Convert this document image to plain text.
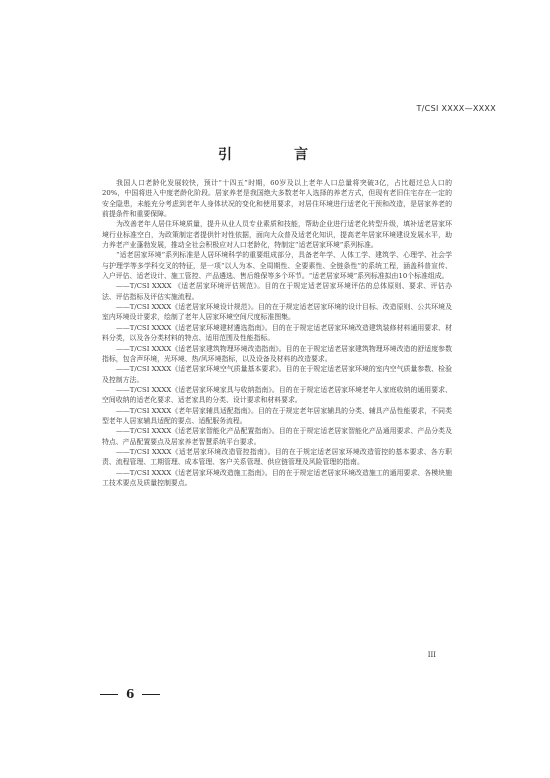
T/CSI XXXX—XXXX
引　言

我国人口老龄化发展较快，预计“十四五”时期，60岁及以上老年人口总量将突破3亿，占比超过总人口的20%，中国将进入中度老龄化阶段。居家养老是我国绝大多数老年人选择的养老方式，但现有老旧住宅存在一定的安全隐患，未能充分考虑到老年人身体状况的变化和使用要求，对居住环境进行适老化干预和改造，是居家养老的前提条件和重要保障。

为改善老年人居住环境质量，提升从业人员专业素质和技能，帮助企业进行适老化转型升级，填补适老居家环境行业标准空白，为政策制定者提供针对性依据，面向大众普及适老化知识，提高老年居家环境建设发展水平，助力养老产业蓬勃发展，推动全社会积极应对人口老龄化，特制定“适老居家环境”系列标准。

“适老居家环境”系列标准是人居环境科学的重要组成部分，具备老年学、人体工学、建筑学、心理学、社会学与护理学等多学科交叉的特征，是一项“以人为本、全周期性、全要素性、全链条性”的系统工程，涵盖科普宣传、入户评估、适老设计、施工管控、产品遴选、售后维保等多个环节。“适老居家环境”系列标准拟由10个标准组成。

——T/CSI XXXX 《适老居家环境评估规范》。目的在于规定适老居家环境评估的总体原则、要求、评估办法、评估指标及评估实施流程。

——T/CSI XXXX《适老居家环境设计规范》。目的在于规定适老居家环境的设计目标、改造原则、公共环境及室内环境设计要求，绘制了老年人居家环境空间尺度标准图集。

——T/CSI XXXX《适老居家环境建材遴选指南》。目的在于规定适老居家环境改造建筑装修材料通用要求、材料分类，以及各分类材料的特点、适用范围及性能指标。

——T/CSI XXXX《适老居家建筑物理环境改造指南》。目的在于规定适老居家建筑物理环境改造的舒适度参数指标，包含声环境，光环境、热/风环境指标，以及设备及材料的改造要求。

——T/CSI XXXX《适老居家环境空气质量基本要求》。目的在于规定适老居家环境的室内空气质量参数、检验及控制方法。

——T/CSI XXXX《适老居家环境家具与收纳指南》。目的在于规定适老居家环境老年人家庭收纳的通用要求、空间收纳的适老化要求、适老家具的分类、设计要求和材料要求。

——T/CSI XXXX《老年居家辅具适配指南》。目的在于规定老年居家辅具的分类、辅具产品性能要求，不同类型老年人居家辅具适配的要点、适配服务流程。

——T/CSI XXXX《适老居家智能化产品配置指南》。目的在于规定适老居家智能化产品通用要求、产品分类及特点、产品配置要点及居家养老智慧系统平台要求。

——T/CSI XXXX《适老居家环境改造管控指南》。目的在于规定适老居家环境改造管控的基本要求、各方职责、流程管理、工期管理、成本管理、客户关系管理、供应链管理及风险管理的指南。

——T/CSI XXXX《适老居家环境改造施工指南》。目的在于规定适老居家环境改造施工的通用要求、各模块施工技术要点及质量控制要点。

III
6
